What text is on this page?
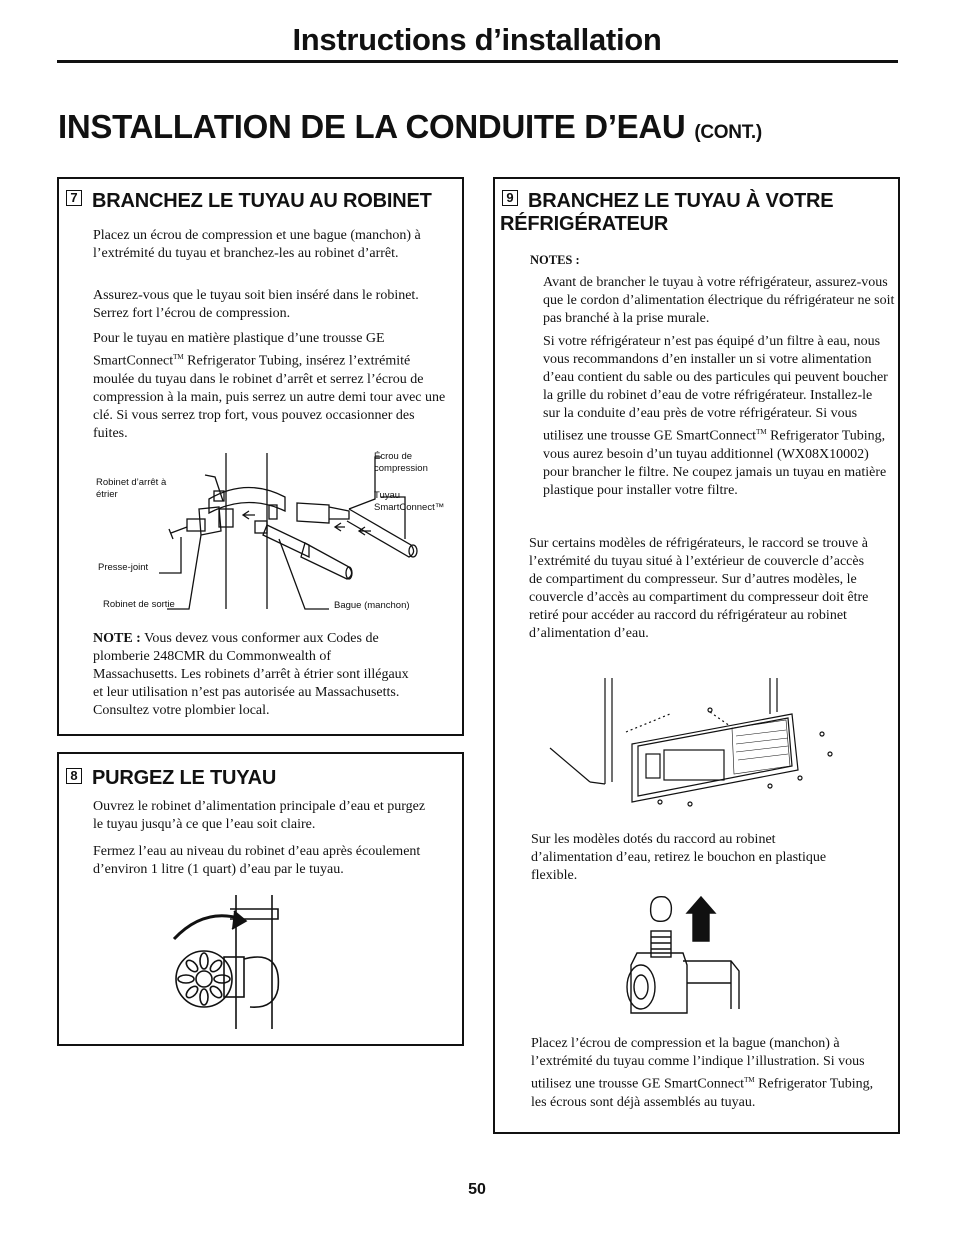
Instructions d’installation
INSTALLATION DE LA CONDUITE D’EAU (CONT.)
7 BRANCHEZ LE TUYAU AU ROBINET

Placez un écrou de compression et une bague (manchon) à l’extrémité du tuyau et branchez-les au robinet d’arrêt.

Assurez-vous que le tuyau soit bien inséré dans le robinet. Serrez fort l’écrou de compression.

Pour le tuyau en matière plastique d’une trousse GE SmartConnect™ Refrigerator Tubing, insérez l’extrémité moulée du tuyau dans le robinet d’arrêt et serrez l’écrou de compression à la main, puis serrez un autre demi tour avec une clé. Si vous serrez trop fort, vous pouvez occasionner des fuites.

Robinet d’arrêt à étrier
Écrou de compression
Tuyau SmartConnect™
Presse-joint
Robinet de sortie	Bague (manchon)

NOTE : Vous devez vous conformer aux Codes de plomberie 248CMR du Commonwealth of Massachusetts. Les robinets d’arrêt à étrier sont illégaux et leur utilisation n’est pas autorisée au Massachusetts. Consultez votre plombier local.

8 PURGEZ LE TUYAU

Ouvrez le robinet d’alimentation principale d’eau et purgez le tuyau jusqu’à ce que l’eau soit claire.

Fermez l’eau au niveau du robinet d’eau après écoulement d’environ 1 litre (1 quart) d’eau par le tuyau.

9 BRANCHEZ LE TUYAU À VOTRE
RÉFRIGÉRATEUR

NOTES :

Avant de brancher le tuyau à votre réfrigérateur, assurez-vous que le cordon d’alimentation électrique du réfrigérateur ne soit pas branché à la prise murale.

Si votre réfrigérateur n’est pas équipé d’un filtre à eau, nous vous recommandons d’en installer un si votre alimentation d’eau contient du sable ou des particules qui peuvent boucher la grille du robinet d’eau de votre réfrigérateur. Installez-le sur la conduite d’eau près de votre réfrigérateur. Si vous utilisez une trousse GE SmartConnect™ Refrigerator Tubing, vous aurez besoin d’un tuyau additionnel (WX08X10002) pour brancher le filtre. Ne coupez jamais un tuyau en matière plastique pour installer votre filtre.

Sur certains modèles de réfrigérateurs, le raccord se trouve à l’extrémité du tuyau situé à l’extérieur de couvercle d’accès de compartiment du compresseur. Sur d’autres modèles, le couvercle d’accès au compartiment du compresseur doit être retiré pour accéder au raccord du réfrigérateur au robinet d’alimentation d’eau.

Sur les modèles dotés du raccord au robinet d’alimentation d’eau, retirez le bouchon en plastique flexible.

Placez l’écrou de compression et la bague (manchon) à l’extrémité du tuyau comme l’indique l’illustration. Si vous utilisez une trousse GE SmartConnect™ Refrigerator Tubing, les écrous sont déjà assemblés au tuyau.

50
